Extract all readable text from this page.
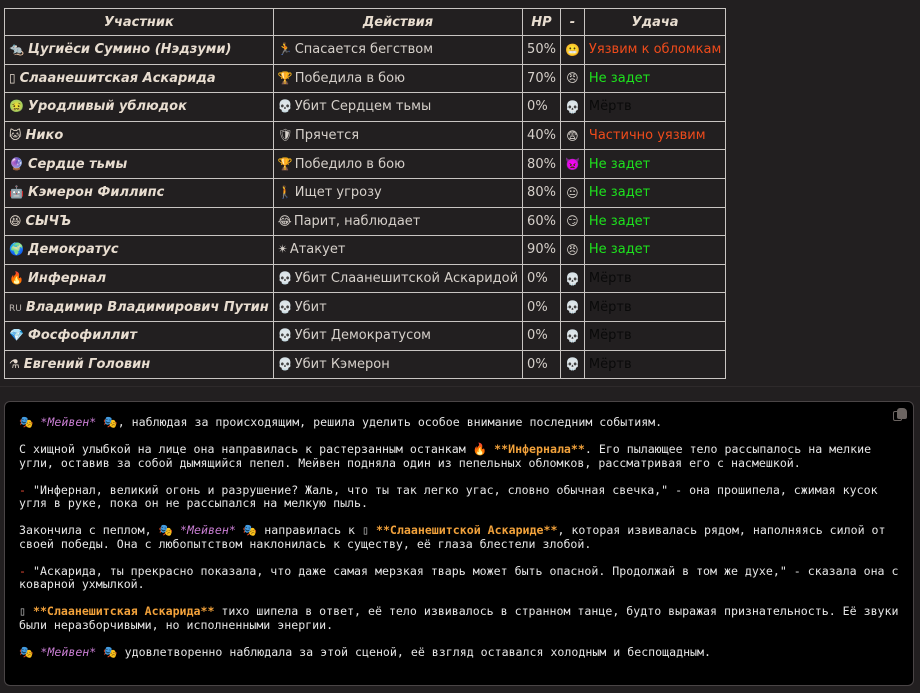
Участник	Действия	HP	-	Удача
🐀 Цугиёси Сумино (Нэдзуми)	🏃 Спасается бегством	50%	😬	Уязвим к обломкам
▯ Слаанешитская Аскарида	🏆 Победила в бою	70%	😠	Не задет
🤢 Уродливый ублюдок	💀 Убит Сердцем тьмы	0%	💀	Мёртв
🐱 Нико	🛡 Прячется	40%	😨	Частично уязвим
🔮 Сердце тьмы	🏆 Победило в бою	80%	👿	Не задет
🤖 Кэмерон Филлипс	🚶 Ищет угрозу	80%	😐	Не задет
😆 СЫЧЪ	😂 Парит, наблюдает	60%	😏	Не задет
🌍 Демократус	✴ Атакует	90%	😠	Не задет
🔥 Инфернал	💀 Убит Слаанешитской Аскаридой	0%	💀	Мёртв
RU Владимир Владимирович Путин	💀 Убит	0%	💀	Мёртв
💎 Фосфофиллит	💀 Убит Демократусом	0%	💀	Мёртв
⚗ Евгений Головин	💀 Убит Кэмерон	0%	💀	Мёртв

🎭 *Мейвен* 🎭, наблюдая за происходящим, решила уделить особое внимание последним событиям.

С хищной улыбкой на лице она направилась к растерзанным останкам 🔥 **Инфернала**. Его пылающее тело рассыпалось на мелкие угли, оставив за собой дымящийся пепел. Мейвен подняла один из пепельных обломков, рассматривая его с насмешкой.

- "Инфернал, великий огонь и разрушение? Жаль, что ты так легко угас, словно обычная свечка," - она прошипела, сжимая кусок угля в руке, пока он не рассыпался на мелкую пыль.

Закончила с пеплом, 🎭 *Мейвен* 🎭 направилась к ▯ **Слаанешитской Аскариде**, которая извивалась рядом, наполняясь силой от своей победы. Она с любопытством наклонилась к существу, её глаза блестели злобой.

- "Аскарида, ты прекрасно показала, что даже самая мерзкая тварь может быть опасной. Продолжай в том же духе," - сказала она с коварной ухмылкой.

▯ **Слаанешитская Аскарида** тихо шипела в ответ, её тело извивалось в странном танце, будто выражая признательность. Её звуки были неразборчивыми, но исполненными энергии.

🎭 *Мейвен* 🎭 удовлетворенно наблюдала за этой сценой, её взгляд оставался холодным и беспощадным.
